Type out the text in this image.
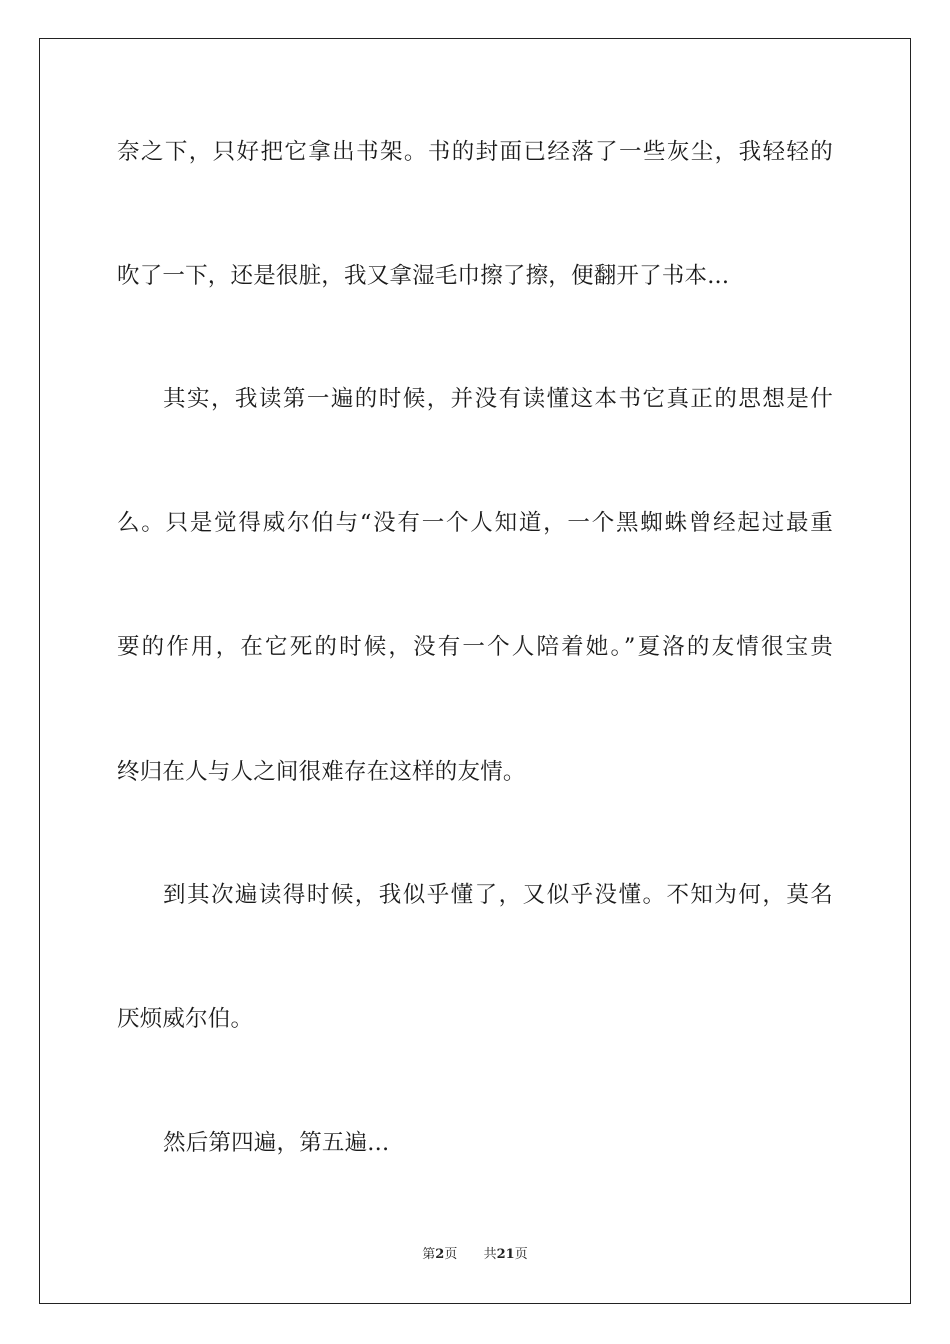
奈之下，只好把它拿出书架。书的封面已经落了一些灰尘，我轻轻的
吹了一下，还是很脏，我又拿湿毛巾擦了擦，便翻开了书本...
其实，我读第一遍的时候，并没有读懂这本书它真正的思想是什
么。只是觉得威尔伯与“没有一个人知道，一个黑蜘蛛曾经起过最重
要的作用，在它死的时候，没有一个人陪着她。”夏洛的友情很宝贵
终归在人与人之间很难存在这样的友情。
到其次遍读得时候，我似乎懂了，又似乎没懂。不知为何，莫名
厌烦威尔伯。
然后第四遍，第五遍...
第2页 共21页
